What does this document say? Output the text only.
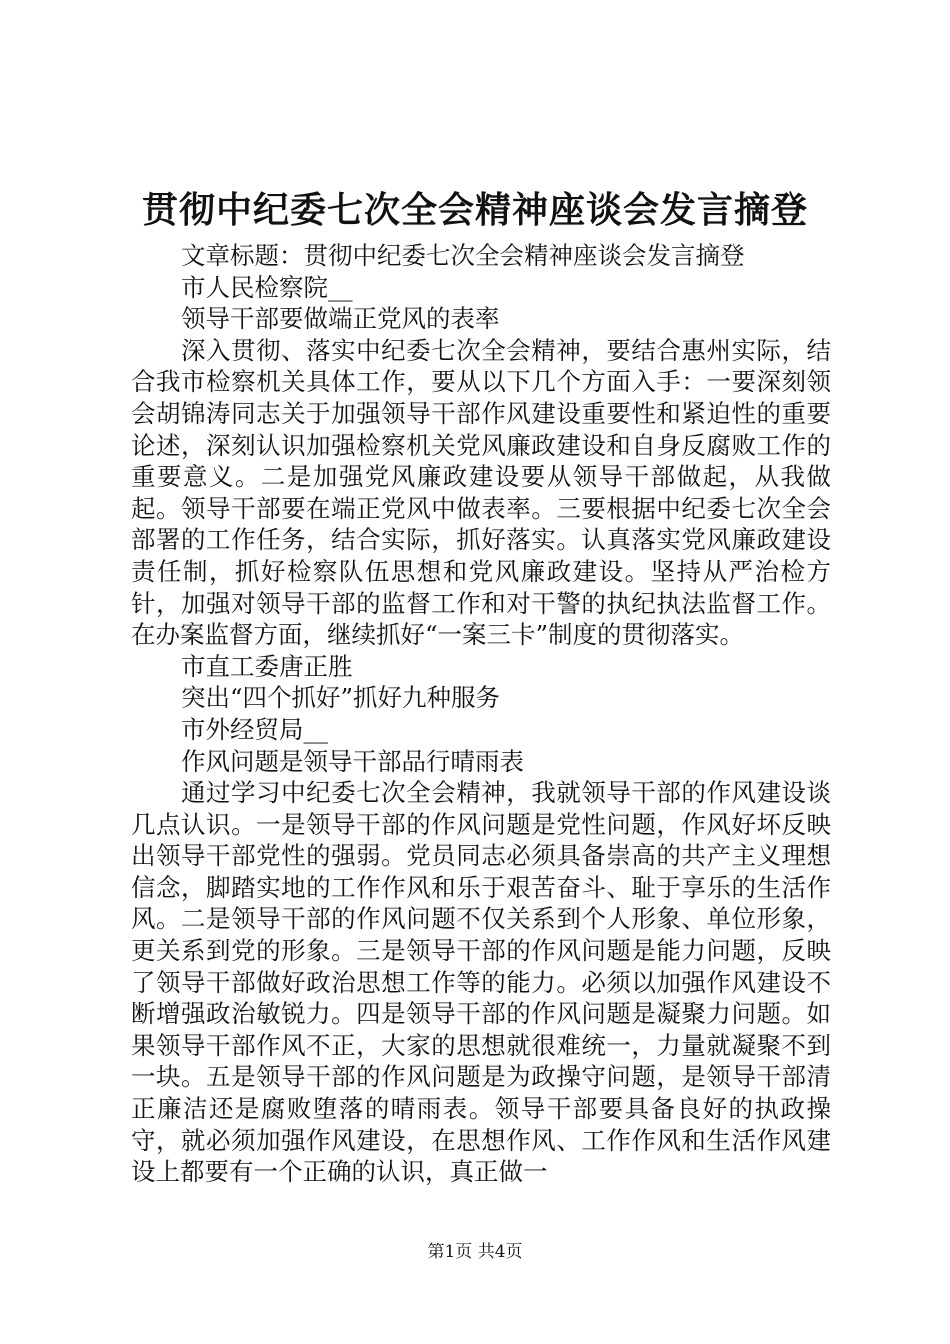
贯彻中纪委七次全会精神座谈会发言摘登

文章标题：贯彻中纪委七次全会精神座谈会发言摘登

市人民检察院__

领导干部要做端正党风的表率

深入贯彻、落实中纪委七次全会精神，要结合惠州实际，结合我市检察机关具体工作，要从以下几个方面入手：一要深刻领会胡锦涛同志关于加强领导干部作风建设重要性和紧迫性的重要论述，深刻认识加强检察机关党风廉政建设和自身反腐败工作的重要意义。二是加强党风廉政建设要从领导干部做起，从我做起。领导干部要在端正党风中做表率。三要根据中纪委七次全会部署的工作任务，结合实际，抓好落实。认真落实党风廉政建设责任制，抓好检察队伍思想和党风廉政建设。坚持从严治检方针，加强对领导干部的监督工作和对干警的执纪执法监督工作。在办案监督方面，继续抓好“一案三卡”制度的贯彻落实。

市直工委唐正胜

突出“四个抓好”抓好九种服务

市外经贸局__

作风问题是领导干部品行晴雨表

通过学习中纪委七次全会精神，我就领导干部的作风建设谈几点认识。一是领导干部的作风问题是党性问题，作风好坏反映出领导干部党性的强弱。党员同志必须具备崇高的共产主义理想信念，脚踏实地的工作作风和乐于艰苦奋斗、耻于享乐的生活作风。二是领导干部的作风问题不仅关系到个人形象、单位形象，更关系到党的形象。三是领导干部的作风问题是能力问题，反映了领导干部做好政治思想工作等的能力。必须以加强作风建设不断增强政治敏锐力。四是领导干部的作风问题是凝聚力问题。如果领导干部作风不正，大家的思想就很难统一，力量就凝聚不到一块。五是领导干部的作风问题是为政操守问题，是领导干部清正廉洁还是腐败堕落的晴雨表。领导干部要具备良好的执政操守，就必须加强作风建设，在思想作风、工作作风和生活作风建设上都要有一个正确的认识，真正做一

第1页 共4页
